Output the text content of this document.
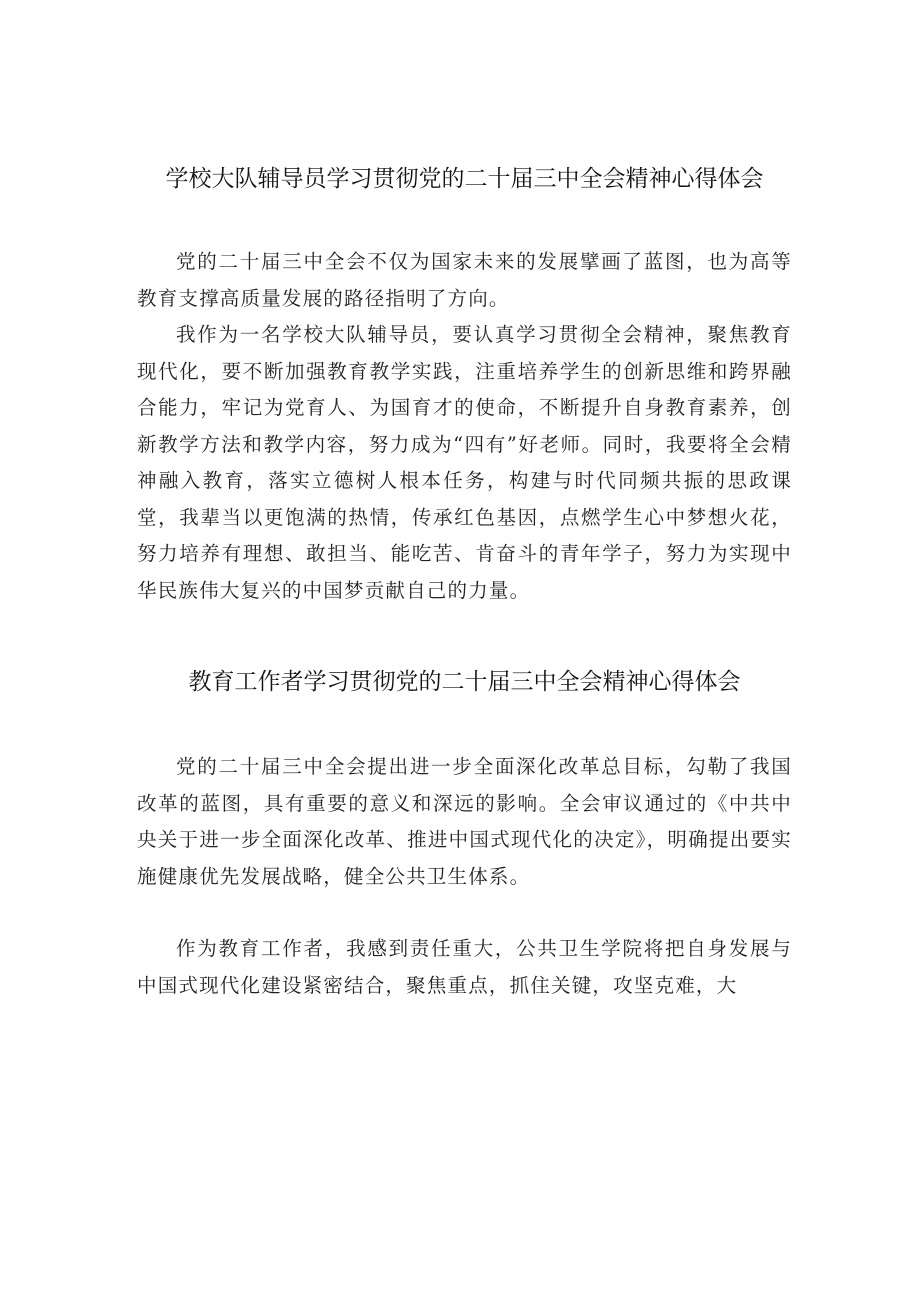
学校大队辅导员学习贯彻党的二十届三中全会精神心得体会

党的二十届三中全会不仅为国家未来的发展擘画了蓝图，也为高等教育支撑高质量发展的路径指明了方向。

我作为一名学校大队辅导员，要认真学习贯彻全会精神，聚焦教育现代化，要不断加强教育教学实践，注重培养学生的创新思维和跨界融合能力，牢记为党育人、为国育才的使命，不断提升自身教育素养，创新教学方法和教学内容，努力成为“四有”好老师。同时，我要将全会精神融入教育，落实立德树人根本任务，构建与时代同频共振的思政课堂，我辈当以更饱满的热情，传承红色基因，点燃学生心中梦想火花，努力培养有理想、敢担当、能吃苦、肯奋斗的青年学子，努力为实现中华民族伟大复兴的中国梦贡献自己的力量。

教育工作者学习贯彻党的二十届三中全会精神心得体会

党的二十届三中全会提出进一步全面深化改革总目标，勾勒了我国改革的蓝图，具有重要的意义和深远的影响。全会审议通过的《中共中央关于进一步全面深化改革、推进中国式现代化的决定》，明确提出要实施健康优先发展战略，健全公共卫生体系。

作为教育工作者，我感到责任重大，公共卫生学院将把自身发展与中国式现代化建设紧密结合，聚焦重点，抓住关键，攻坚克难，大
